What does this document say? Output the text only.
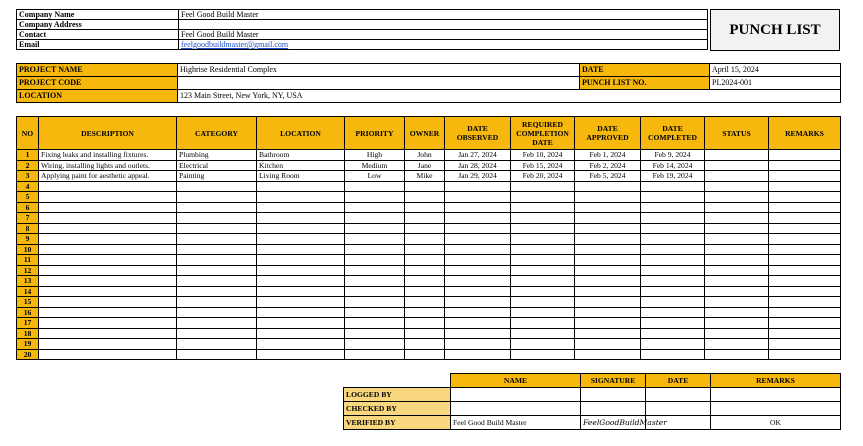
Company Name	Feel Good Build Master
Company Address	
Contact	Feel Good Build Master
Email	feelgoodbuildmaster@gmail.com
PUNCH LIST
PROJECT NAME	Highrise Residential Complex	DATE	April 15, 2024
PROJECT CODE		PUNCH LIST NO.	PL2024-001
LOCATION	123 Main Street, New York, NY, USA		
NO	DESCRIPTION	CATEGORY	LOCATION	PRIORITY	OWNER	DATE OBSERVED	REQUIRED COMPLETION DATE	DATE APPROVED	DATE COMPLETED	STATUS	REMARKS
1	Fixing leaks and installing fixtures.	Plumbing	Bathroom	High	John	Jan 27, 2024	Feb 10, 2024	Feb 1, 2024	Feb 9, 2024		
2	Wiring, installing lights and outlets.	Electrical	Kitchen	Medium	Jane	Jan 28, 2024	Feb 15, 2024	Feb 2, 2024	Feb 14, 2024		
3	Applying paint for aesthetic appeal.	Painting	Living Room	Low	Mike	Jan 29, 2024	Feb 20, 2024	Feb 5, 2024	Feb 19, 2024		
4											
5											
6											
7											
8											
9											
10											
11											
12											
13											
14											
15											
16											
17											
18											
19											
20											
	NAME	SIGNATURE	DATE	REMARKS
LOGGED BY				
CHECKED BY				
VERIFIED BY	Feel Good Build Master	FeelGoodBuildMaster		OK
